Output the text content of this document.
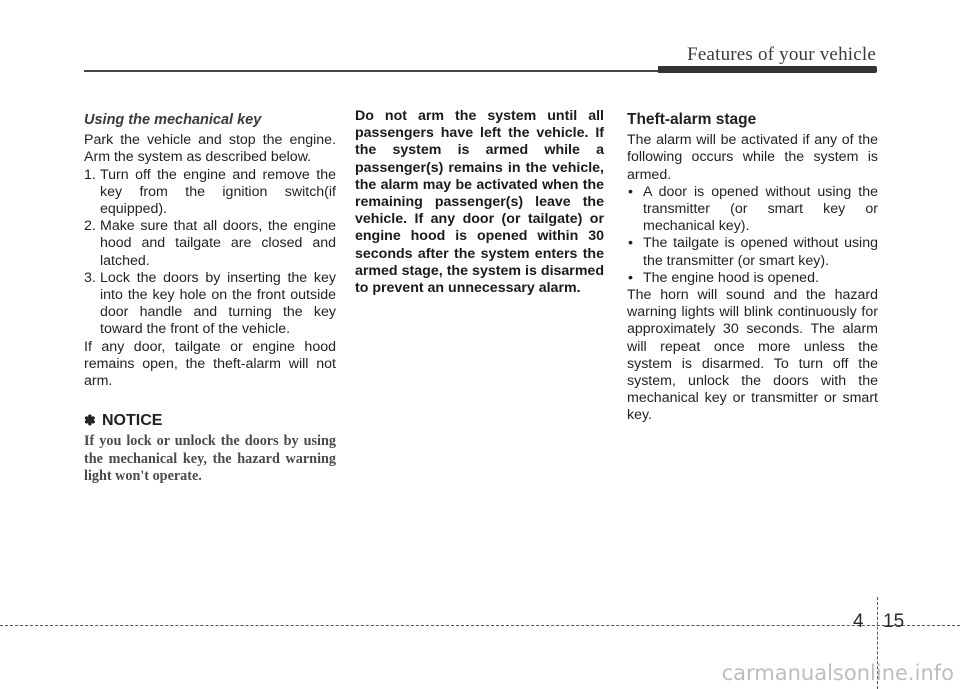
Features of your vehicle

Using the mechanical key

Park the vehicle and stop the engine. Arm the system as described below.

1. Turn off the engine and remove the key from the ignition switch(if equipped).
2. Make sure that all doors, the engine hood and tailgate are closed and latched.
3. Lock the doors by inserting the key into the key hole on the front outside door handle and turning the key toward the front of the vehicle.

If any door, tailgate or engine hood remains open, the theft-alarm will not arm.

✽ NOTICE

If you lock or unlock the doors by using the mechanical key, the hazard warning light won't operate.

Do not arm the system until all passengers have left the vehicle. If the system is armed while a passenger(s) remains in the vehicle, the alarm may be activated when the remaining passenger(s) leave the vehicle. If any door (or tailgate) or engine hood is opened within 30 seconds after the system enters the armed stage, the system is disarmed to prevent an unnecessary alarm.

Theft-alarm stage

The alarm will be activated if any of the following occurs while the system is armed.

• A door is opened without using the transmitter (or smart key or mechanical key).
• The tailgate is opened without using the transmitter (or smart key).
• The engine hood is opened.

The horn will sound and the hazard warning lights will blink continuously for approximately 30 seconds. The alarm will repeat once more unless the system is disarmed. To turn off the system, unlock the doors with the mechanical key or transmitter or smart key.

4 15
carmanualsonline.info
